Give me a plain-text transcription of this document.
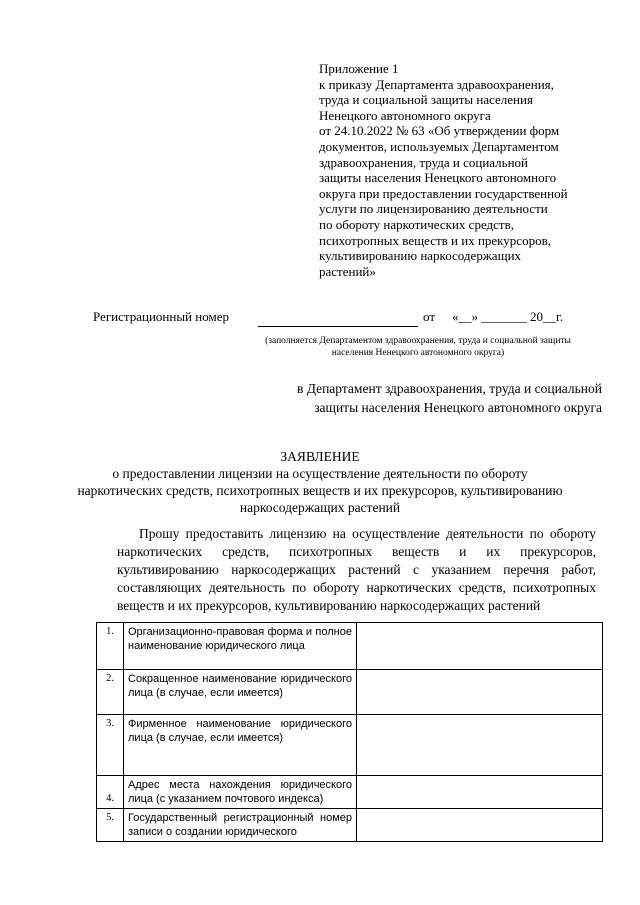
Приложение 1
к приказу Департамента здравоохранения,
труда и социальной защиты населения
Ненецкого автономного округа
от 24.10.2022 № 63 «Об утверждении форм
документов, используемых Департаментом
здравоохранения, труда и социальной
защиты населения Ненецкого автономного
округа при предоставлении государственной
услуги по лицензированию деятельности
по обороту наркотических средств,
психотропных веществ и их прекурсоров,
культивированию наркосодержащих
растений»
Регистрационный номер	от «__» _______ 20__г.
(заполняется Департаментом здравоохранения, труда и социальной защиты населения Ненецкого автономного округа)
в Департамент здравоохранения, труда и социальной
защиты населения Ненецкого автономного округа
ЗАЯВЛЕНИЕ
о предоставлении лицензии на осуществление деятельности по обороту наркотических средств, психотропных веществ и их прекурсоров, культивированию наркосодержащих растений
Прошу предоставить лицензию на осуществление деятельности по обороту наркотических средств, психотропных веществ и их прекурсоров, культивированию наркосодержащих растений с указанием перечня работ, составляющих деятельность по обороту наркотических средств, психотропных веществ и их прекурсоров, культивированию наркосодержащих растений
1.	Организационно-правовая форма и полное наименование юридического лица	
2.	Сокращенное наименование юридического лица (в случае, если имеется)	
3.	Фирменное наименование юридического лица (в случае, если имеется)	
4.	Адрес места нахождения юридического лица (с указанием почтового индекса)	
5.	Государственный регистрационный номер записи о создании юридического	
